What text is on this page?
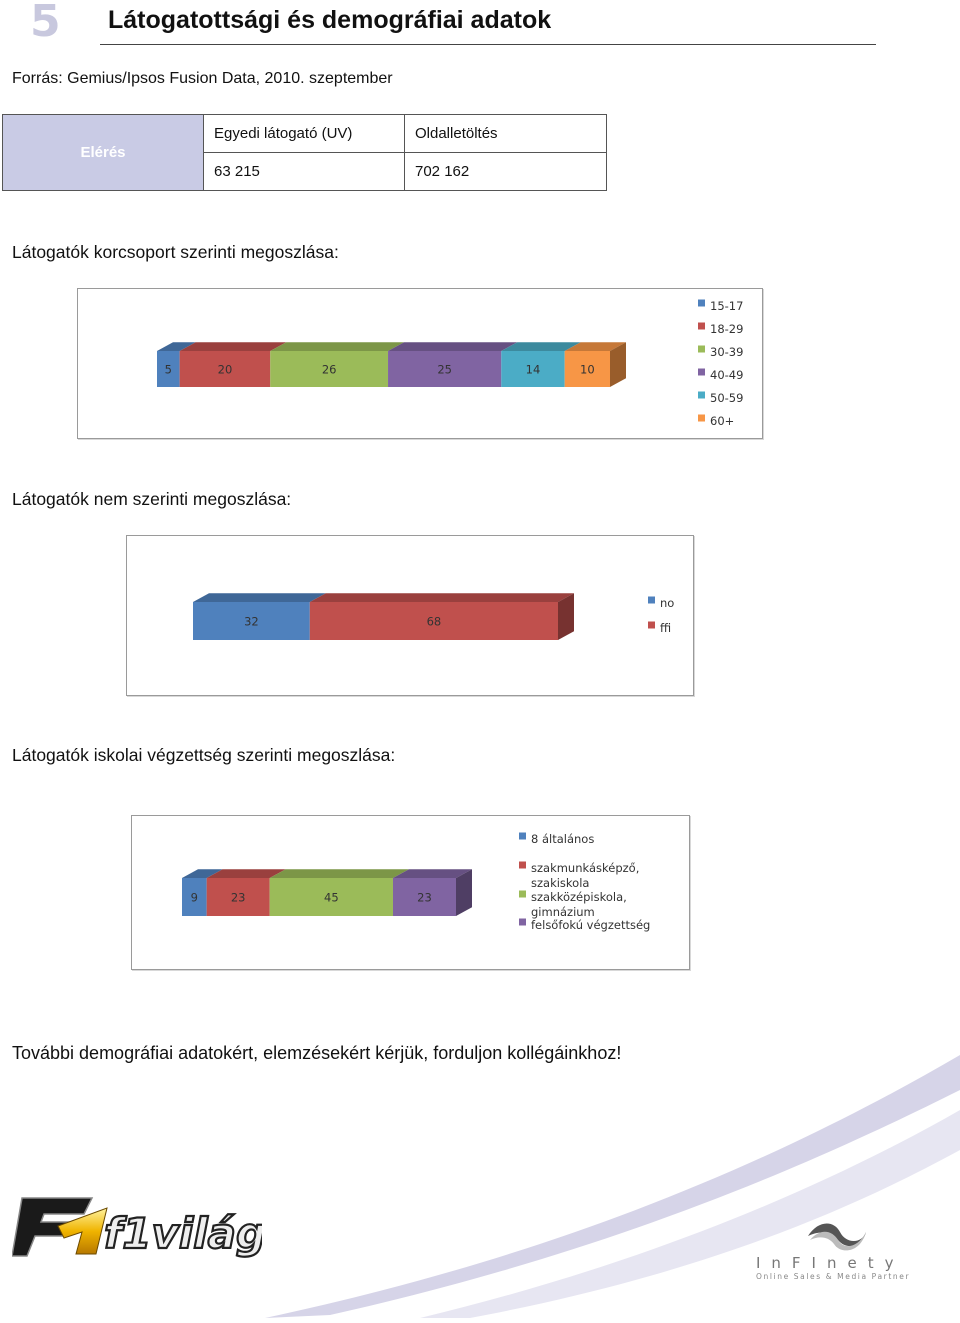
5 Látogatottsági és demográfiai adatok
Forrás: Gemius/Ipsos Fusion Data, 2010. szeptember
Elérés	Egyedi látogató (UV)	Oldalletöltés
	63 215	702 162
Látogatók korcsoport szerinti megoszlása:
5	20	26	25	14	10
15-17
18-29
30-39
40-49
50-59
60+
Látogatók nem szerinti megoszlása:
32	68
no
ffi
Látogatók iskolai végzettség szerinti megoszlása:
9	23	45	23
8 általános
szakmunkásképző,
szakiskola
szakközépiskola,
gimnázium
felsőfokú végzettség
További demográfiai adatokért, elemzésekért kérjük, forduljon kollégáinkhoz!
f1világ
InFInety
Online Sales & Media Partner
